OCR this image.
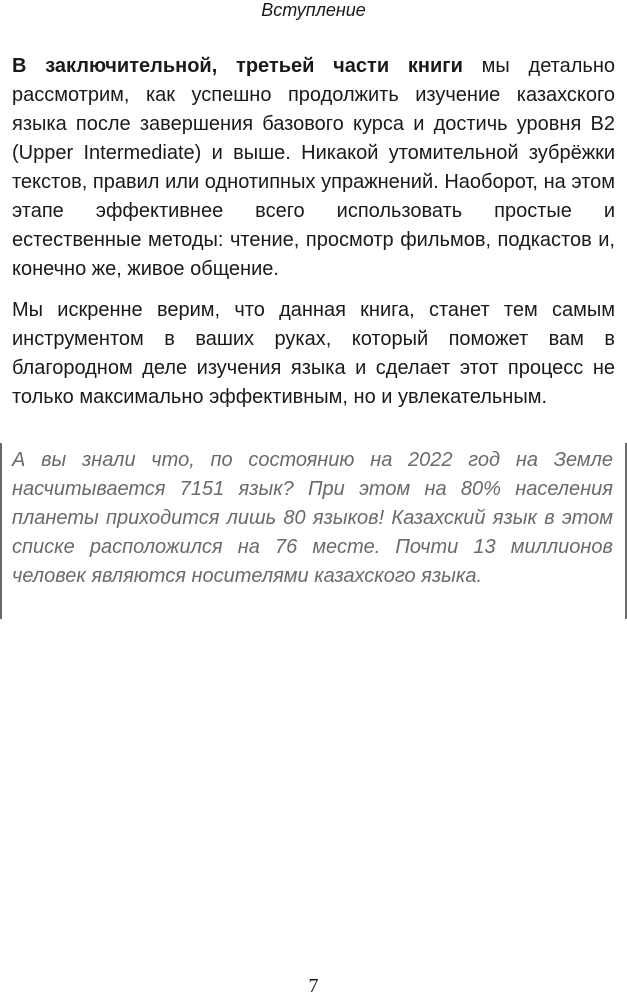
Вступление

В заключительной, третьей части книги мы детально рассмотрим, как успешно продолжить изучение казахского языка после завершения базового курса и достичь уровня В2 (Upper Intermediate) и выше. Никакой утомительной зубрёжки текстов, правил или однотипных упражнений. Наоборот, на этом этапе эффективнее всего использовать простые и естественные методы: чтение, просмотр фильмов, подкастов и, конечно же, живое общение.

Мы искренне верим, что данная книга, станет тем самым инструментом в ваших руках, который поможет вам в благородном деле изучения языка и сделает этот процесс не только максимально эффективным, но и увлекательным.

А вы знали что, по состоянию на 2022 год на Земле насчитывается 7151 язык? При этом на 80% населения планеты приходится лишь 80 языков! Казахский язык в этом списке расположился на 76 месте. Почти 13 миллионов человек являются носителями казахского языка.

7
